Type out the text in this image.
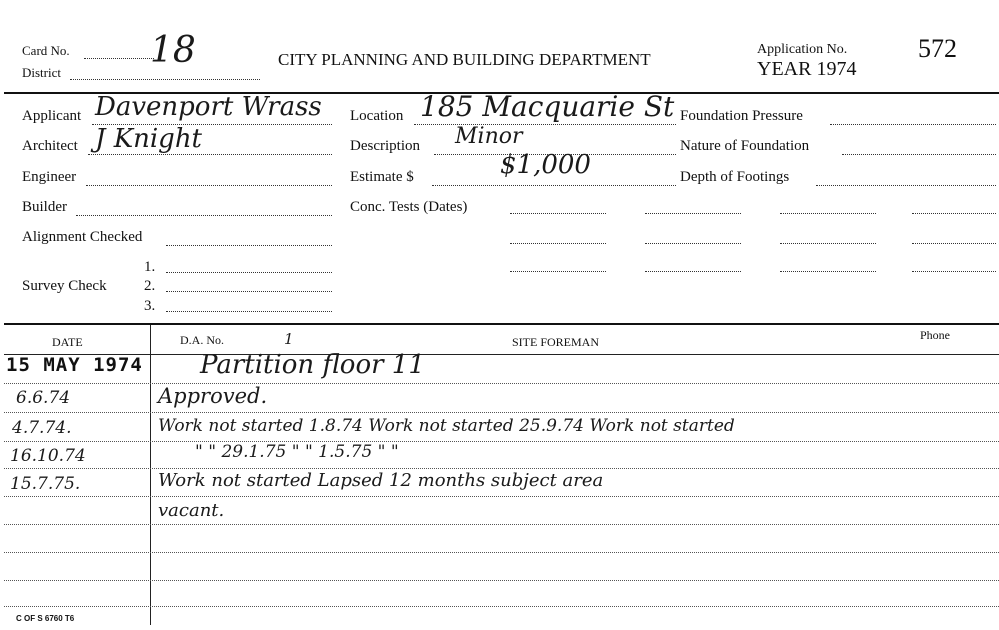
Card No. 18
District
CITY PLANNING AND BUILDING DEPARTMENT
Application No.
YEAR 1974
572
Applicant Davenport Wrass
Architect J Knight
Engineer
Builder
Alignment Checked
1.
Survey Check 2.
3.
Location 185 Macquarie St
Description Minor
Estimate $	$1,000
Conc. Tests (Dates)
Foundation Pressure
Nature of Foundation
Depth of Footings
DATE	D.A. No.	1	SITE FOREMAN	Phone
15 MAY 1974 Partition floor 11
6.6.74	Approved.
4.7.74.	Work not started 1.8.74 Work not started 25.9.74 Work not started
16.10.74	" " 29.1.75 " " 1.5.75 " "
15.7.75.	Work not started Lapsed 12 months subject area
vacant.
C OF S 6760 T6
